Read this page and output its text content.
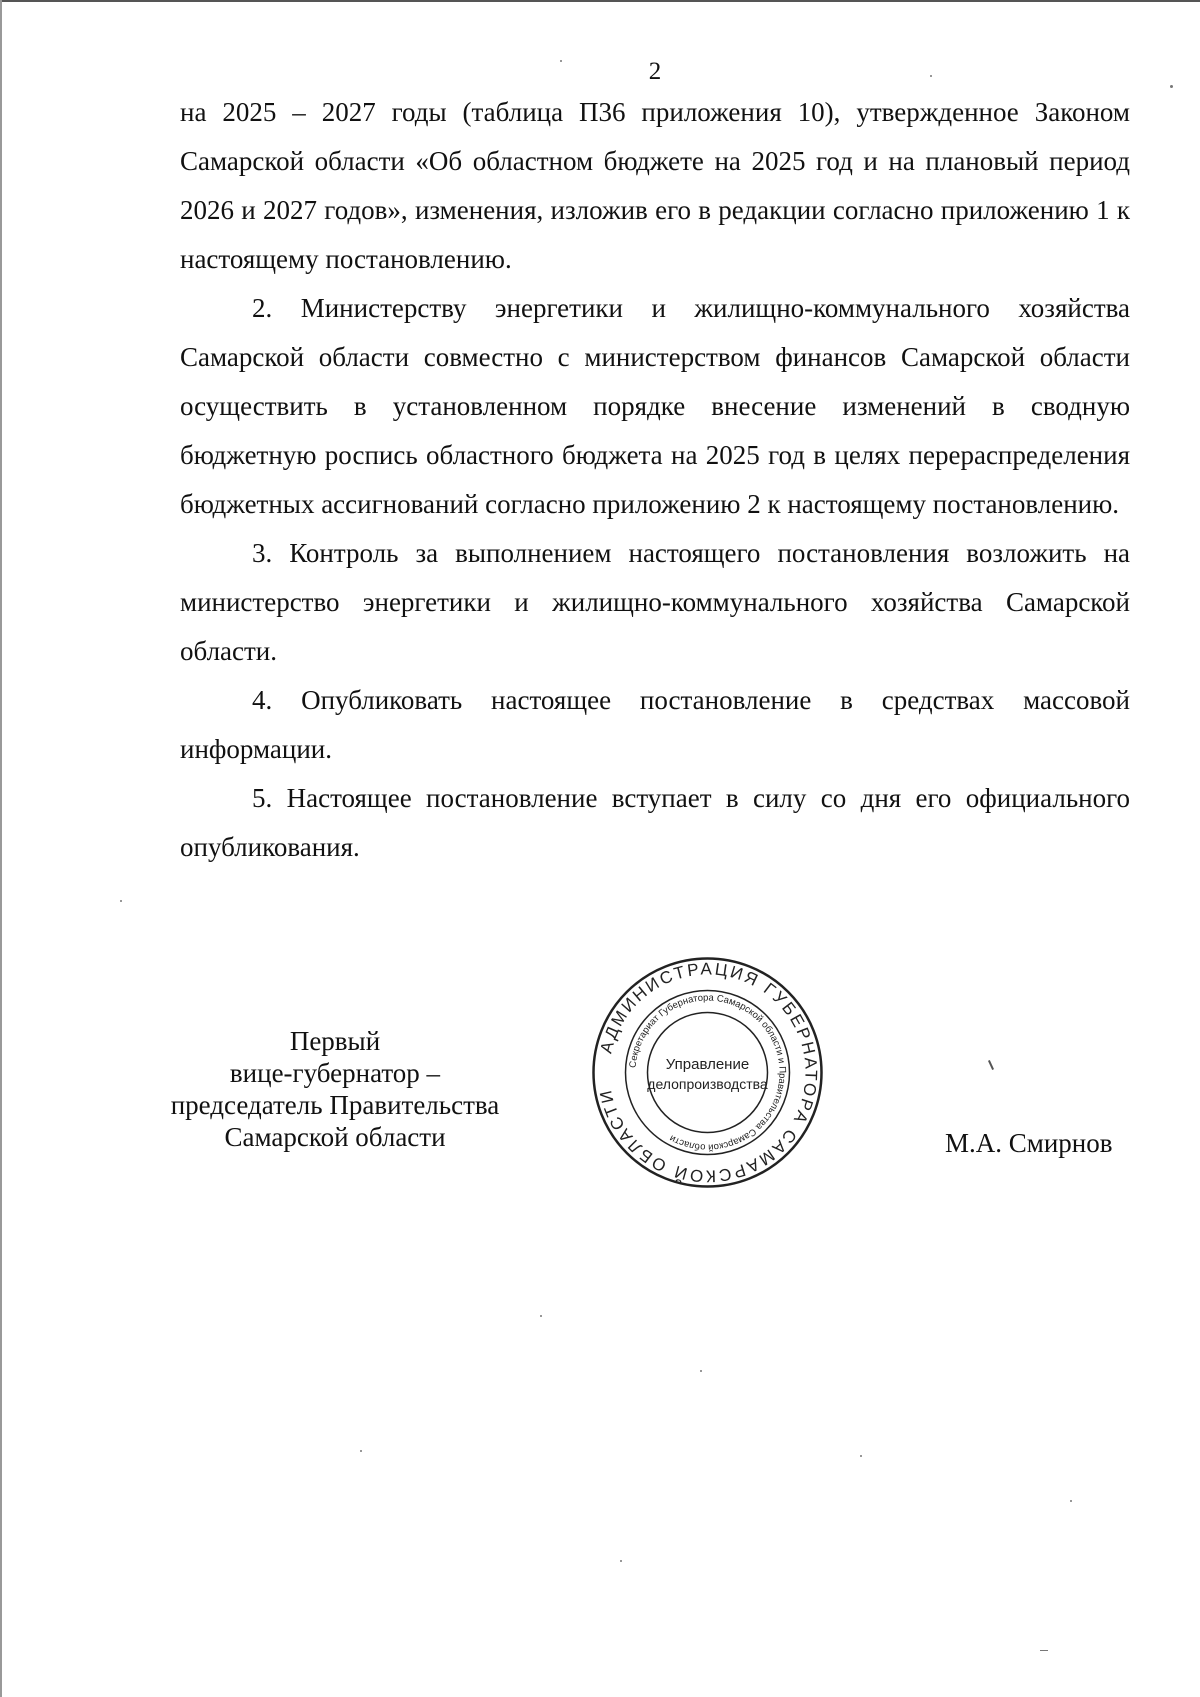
2

на 2025 – 2027 годы (таблица П36 приложения 10), утвержденное Законом Самарской области «Об областном бюджете на 2025 год и на плановый период 2026 и 2027 годов», изменения, изложив его в редакции согласно приложению 1 к настоящему постановлению.

2. Министерству энергетики и жилищно-коммунального хозяйства Самарской области совместно с министерством финансов Самарской области осуществить в установленном порядке внесение изменений в сводную бюджетную роспись областного бюджета на 2025 год в целях перераспределения бюджетных ассигнований согласно приложению 2 к настоящему постановлению.

3. Контроль за выполнением настоящего постановления возложить на министерство энергетики и жилищно-коммунального хозяйства Самарской области.

4. Опубликовать настоящее постановление в средствах массовой информации.

5. Настоящее постановление вступает в силу со дня его официального опубликования.

Первый
вице-губернатор –
председатель Правительства
Самарской области	М.А. Смирнов
АДМИНИСТРАЦИЯ ГУБЕРНАТОРА САМАРСКОЙ ОБЛАСТИ
Секретариат Губернатора Самарской области и Правительства Самарской области
Управление
делопроизводства
